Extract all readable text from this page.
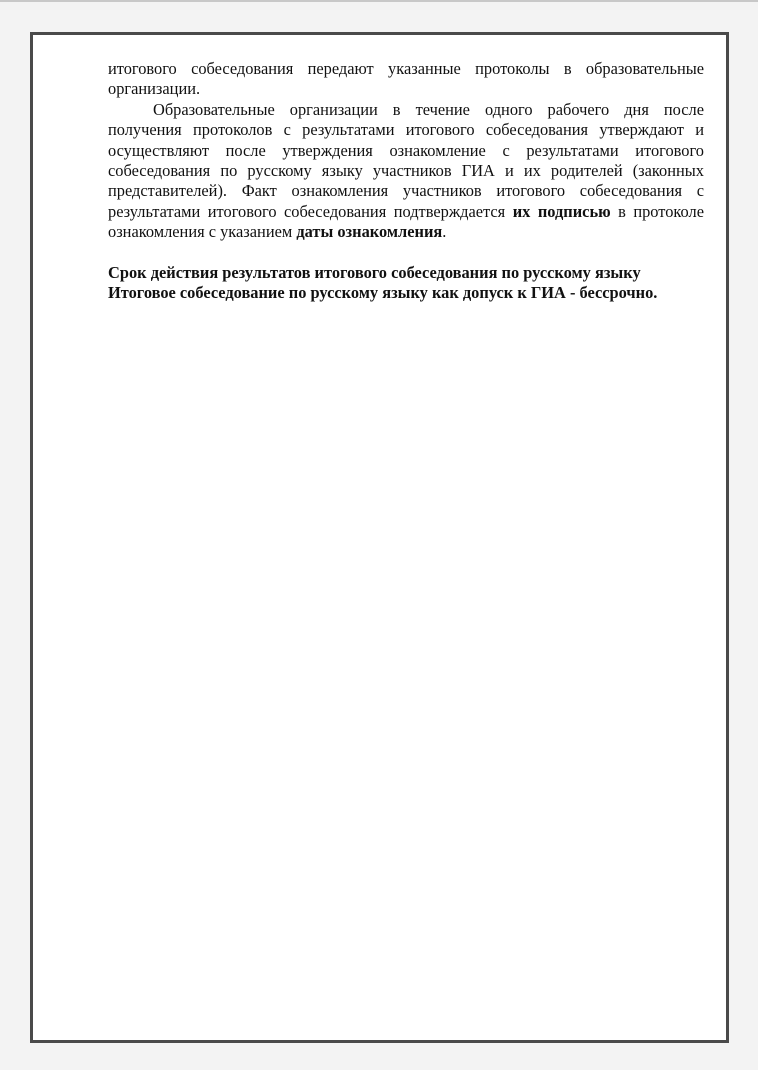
итогового собеседования передают указанные протоколы в образовательные организации.

Образовательные организации в течение одного рабочего дня после получения протоколов с результатами итогового собеседования утверждают и осуществляют после утверждения ознакомление с результатами итогового собеседования по русскому языку участников ГИА и их родителей (законных представителей). Факт ознакомления участников итогового собеседования с результатами итогового собеседования подтверждается их подписью в протоколе ознакомления с указанием даты ознакомления.

Срок действия результатов итогового собеседования по русскому языку

Итоговое собеседование по русскому языку как допуск к ГИА - бессрочно.
